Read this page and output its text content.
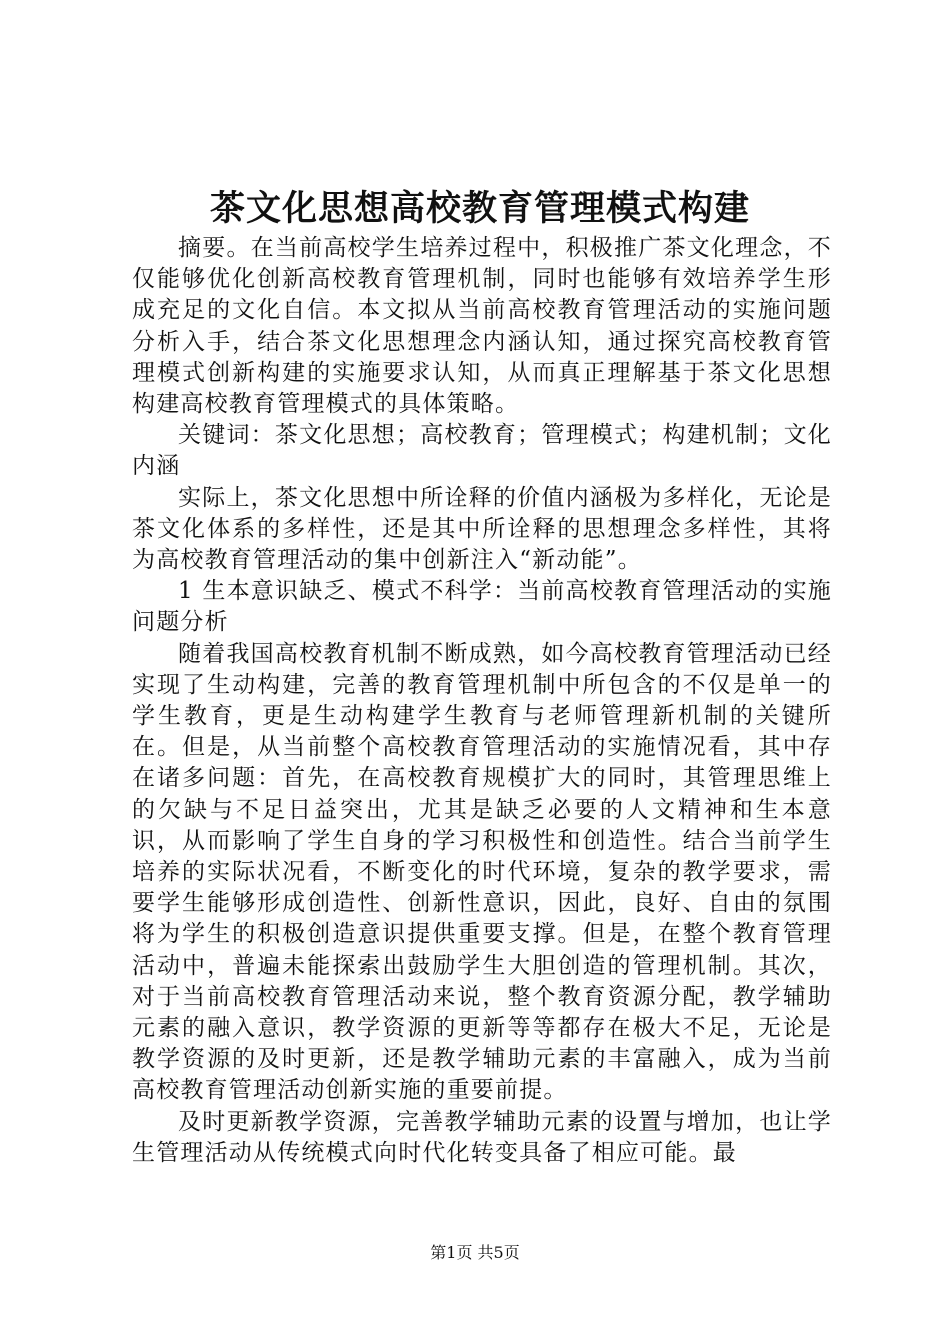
茶文化思想高校教育管理模式构建

摘要。在当前高校学生培养过程中，积极推广茶文化理念，不仅能够优化创新高校教育管理机制，同时也能够有效培养学生形成充足的文化自信。本文拟从当前高校教育管理活动的实施问题分析入手，结合茶文化思想理念内涵认知，通过探究高校教育管理模式创新构建的实施要求认知，从而真正理解基于茶文化思想构建高校教育管理模式的具体策略。

关键词：茶文化思想；高校教育；管理模式；构建机制；文化内涵

实际上，茶文化思想中所诠释的价值内涵极为多样化，无论是茶文化体系的多样性，还是其中所诠释的思想理念多样性，其将为高校教育管理活动的集中创新注入“新动能”。

1 生本意识缺乏、模式不科学：当前高校教育管理活动的实施问题分析

随着我国高校教育机制不断成熟，如今高校教育管理活动已经实现了生动构建，完善的教育管理机制中所包含的不仅是单一的学生教育，更是生动构建学生教育与老师管理新机制的关键所在。但是，从当前整个高校教育管理活动的实施情况看，其中存在诸多问题：首先，在高校教育规模扩大的同时，其管理思维上的欠缺与不足日益突出，尤其是缺乏必要的人文精神和生本意识，从而影响了学生自身的学习积极性和创造性。结合当前学生培养的实际状况看，不断变化的时代环境，复杂的教学要求，需要学生能够形成创造性、创新性意识，因此，良好、自由的氛围将为学生的积极创造意识提供重要支撑。但是，在整个教育管理活动中，普遍未能探索出鼓励学生大胆创造的管理机制。其次，对于当前高校教育管理活动来说，整个教育资源分配，教学辅助元素的融入意识，教学资源的更新等等都存在极大不足，无论是教学资源的及时更新，还是教学辅助元素的丰富融入，成为当前高校教育管理活动创新实施的重要前提。

及时更新教学资源，完善教学辅助元素的设置与增加，也让学生管理活动从传统模式向时代化转变具备了相应可能。最

第1页 共5页
